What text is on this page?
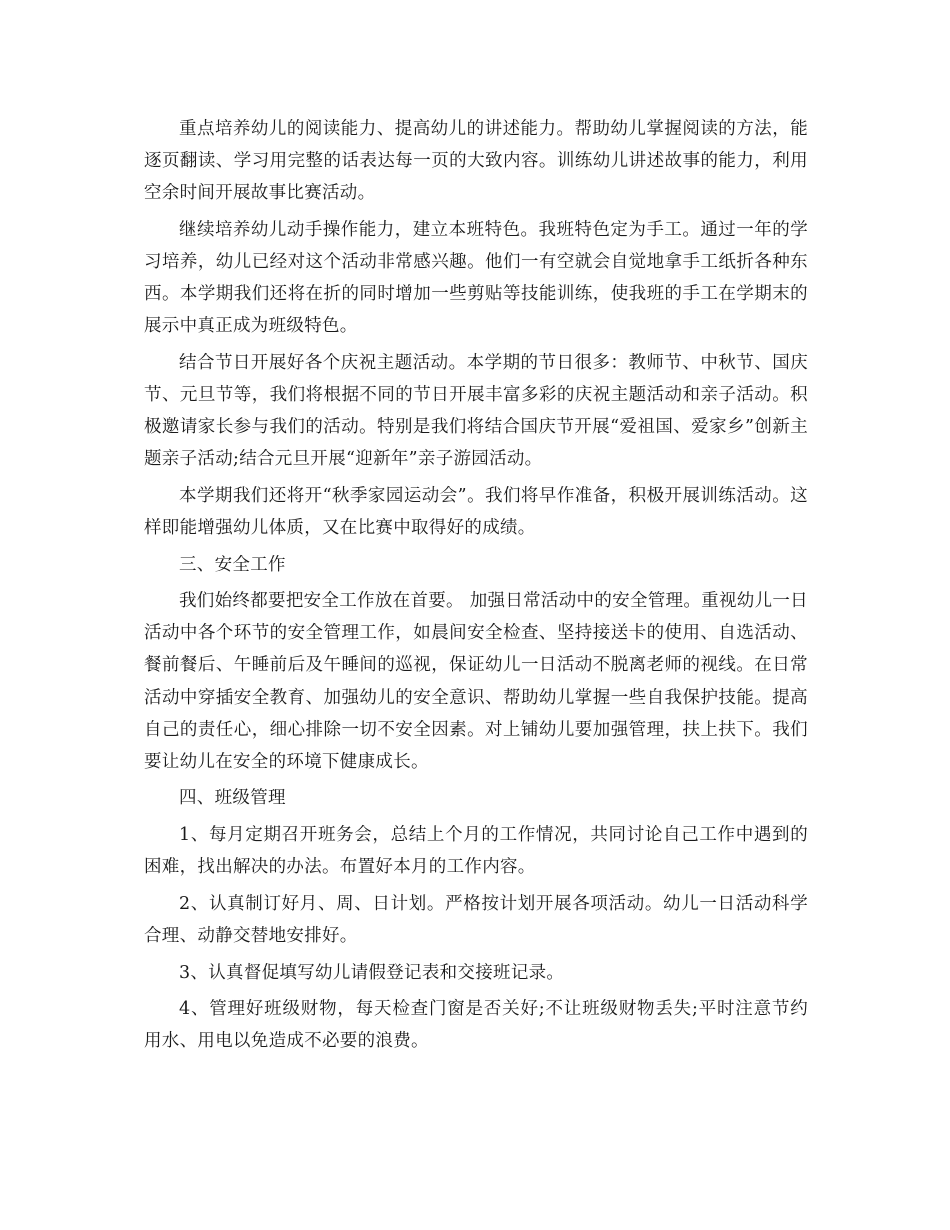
重点培养幼儿的阅读能力、提高幼儿的讲述能力。帮助幼儿掌握阅读的方法，能逐页翻读、学习用完整的话表达每一页的大致内容。训练幼儿讲述故事的能力，利用空余时间开展故事比赛活动。

继续培养幼儿动手操作能力，建立本班特色。我班特色定为手工。通过一年的学习培养，幼儿已经对这个活动非常感兴趣。他们一有空就会自觉地拿手工纸折各种东西。本学期我们还将在折的同时增加一些剪贴等技能训练，使我班的手工在学期末的展示中真正成为班级特色。

结合节日开展好各个庆祝主题活动。本学期的节日很多：教师节、中秋节、国庆节、元旦节等，我们将根据不同的节日开展丰富多彩的庆祝主题活动和亲子活动。积极邀请家长参与我们的活动。特别是我们将结合国庆节开展“爱祖国、爱家乡”创新主题亲子活动;结合元旦开展“迎新年”亲子游园活动。

本学期我们还将开“秋季家园运动会”。我们将早作准备，积极开展训练活动。这样即能增强幼儿体质，又在比赛中取得好的成绩。

三、安全工作

我们始终都要把安全工作放在首要。 加强日常活动中的安全管理。重视幼儿一日活动中各个环节的安全管理工作，如晨间安全检查、坚持接送卡的使用、自选活动、餐前餐后、午睡前后及午睡间的巡视，保证幼儿一日活动不脱离老师的视线。在日常活动中穿插安全教育、加强幼儿的安全意识、帮助幼儿掌握一些自我保护技能。提高自己的责任心，细心排除一切不安全因素。对上铺幼儿要加强管理，扶上扶下。我们要让幼儿在安全的环境下健康成长。

四、班级管理

1、每月定期召开班务会，总结上个月的工作情况，共同讨论自己工作中遇到的困难，找出解决的办法。布置好本月的工作内容。

2、认真制订好月、周、日计划。严格按计划开展各项活动。幼儿一日活动科学合理、动静交替地安排好。

3、认真督促填写幼儿请假登记表和交接班记录。

4、管理好班级财物，每天检查门窗是否关好;不让班级财物丢失;平时注意节约用水、用电以免造成不必要的浪费。
